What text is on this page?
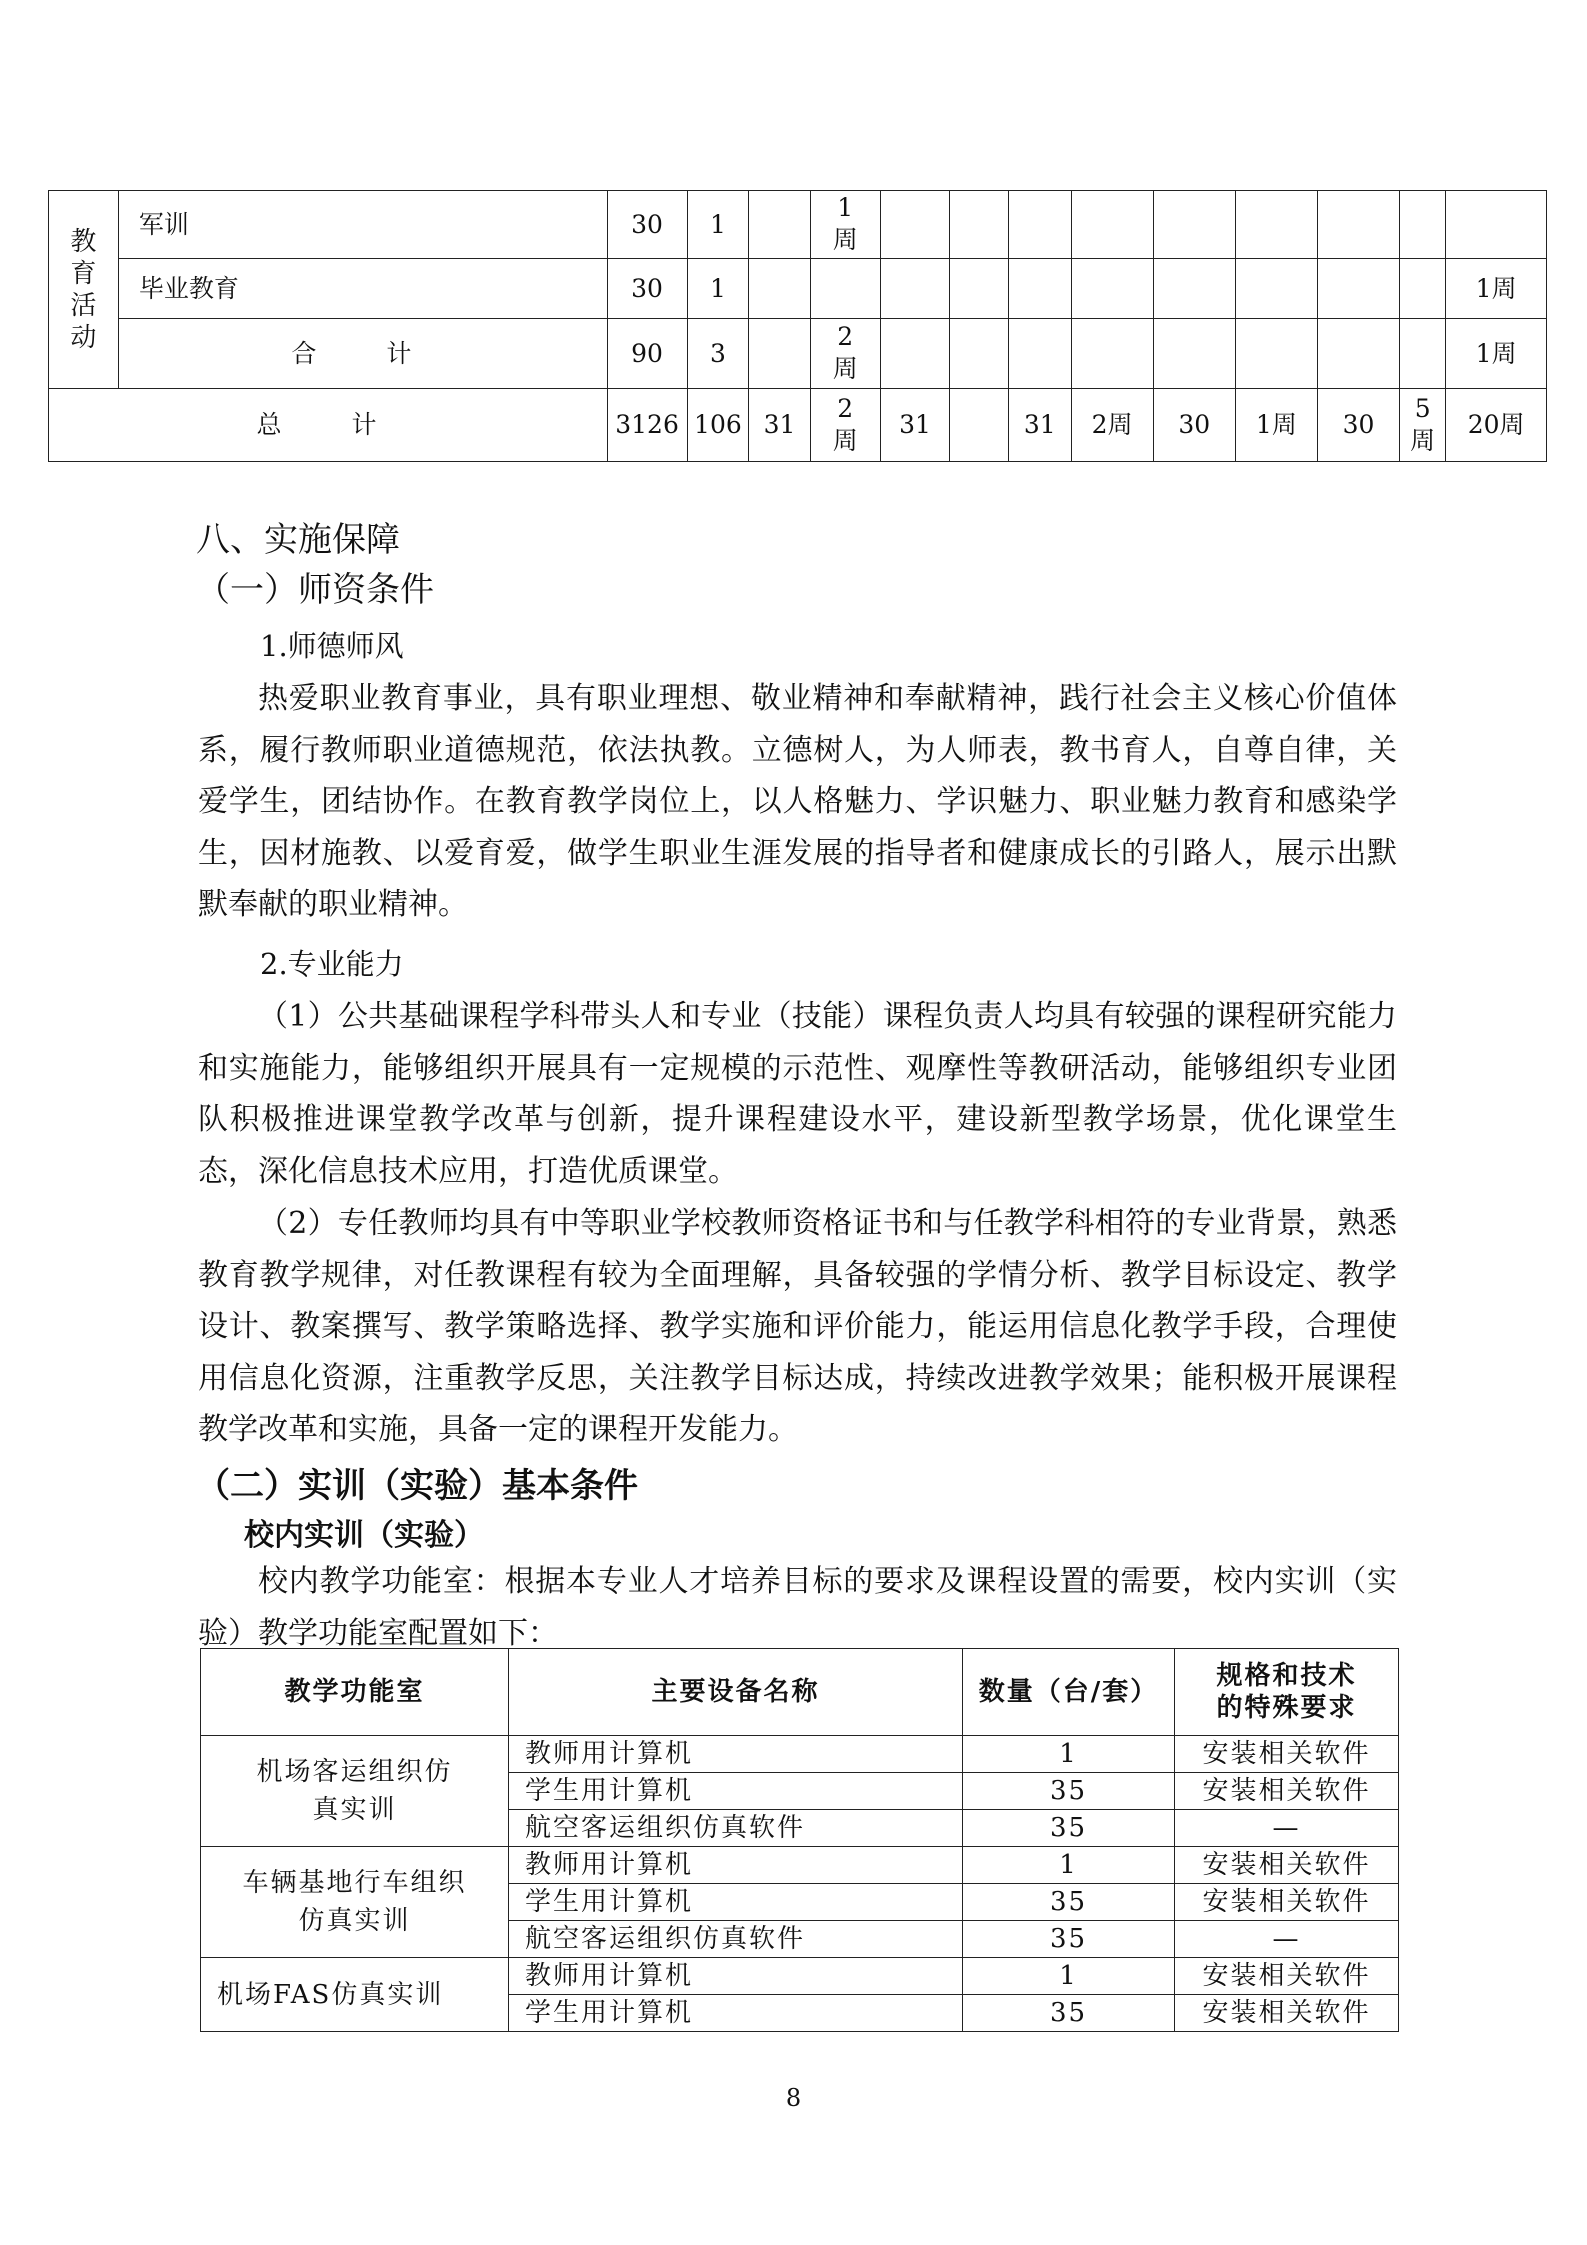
教育活动	军训	30	1		1周									
	毕业教育	30	1											1周
	合　计	90	3		2周									1周
总　计		3126	106	31	2周	31		31	2周	30	1周	30	5周	20周
八、实施保障
（一）师资条件
1.师德师风

热爱职业教育事业，具有职业理想、敬业精神和奉献精神，践行社会主义核心价值体系，履行教师职业道德规范，依法执教。立德树人，为人师表，教书育人，自尊自律，关爱学生，团结协作。在教育教学岗位上，以人格魅力、学识魅力、职业魅力教育和感染学生，因材施教、以爱育爱，做学生职业生涯发展的指导者和健康成长的引路人，展示出默默奉献的职业精神。

2.专业能力

（1）公共基础课程学科带头人和专业（技能）课程负责人均具有较强的课程研究能力和实施能力，能够组织开展具有一定规模的示范性、观摩性等教研活动，能够组织专业团队积极推进课堂教学改革与创新，提升课程建设水平，建设新型教学场景，优化课堂生态，深化信息技术应用，打造优质课堂。

（2）专任教师均具有中等职业学校教师资格证书和与任教学科相符的专业背景，熟悉教育教学规律，对任教课程有较为全面理解，具备较强的学情分析、教学目标设定、教学设计、教案撰写、教学策略选择、教学实施和评价能力，能运用信息化教学手段，合理使用信息化资源，注重教学反思，关注教学目标达成，持续改进教学效果；能积极开展课程教学改革和实施，具备一定的课程开发能力。

（二）实训（实验）基本条件
校内实训（实验）

校内教学功能室：根据本专业人才培养目标的要求及课程设置的需要，校内实训（实验）教学功能室配置如下：

教学功能室	主要设备名称	数量（台/套）	规格和技术的特殊要求
机场客运组织仿真实训	教师用计算机	1	安装相关软件
	学生用计算机	35	安装相关软件
	航空客运组织仿真软件	35	—
车辆基地行车组织仿真实训	教师用计算机	1	安装相关软件
	学生用计算机	35	安装相关软件
	航空客运组织仿真软件	35	—
机场FAS仿真实训	教师用计算机	1	安装相关软件
	学生用计算机	35	安装相关软件
8
